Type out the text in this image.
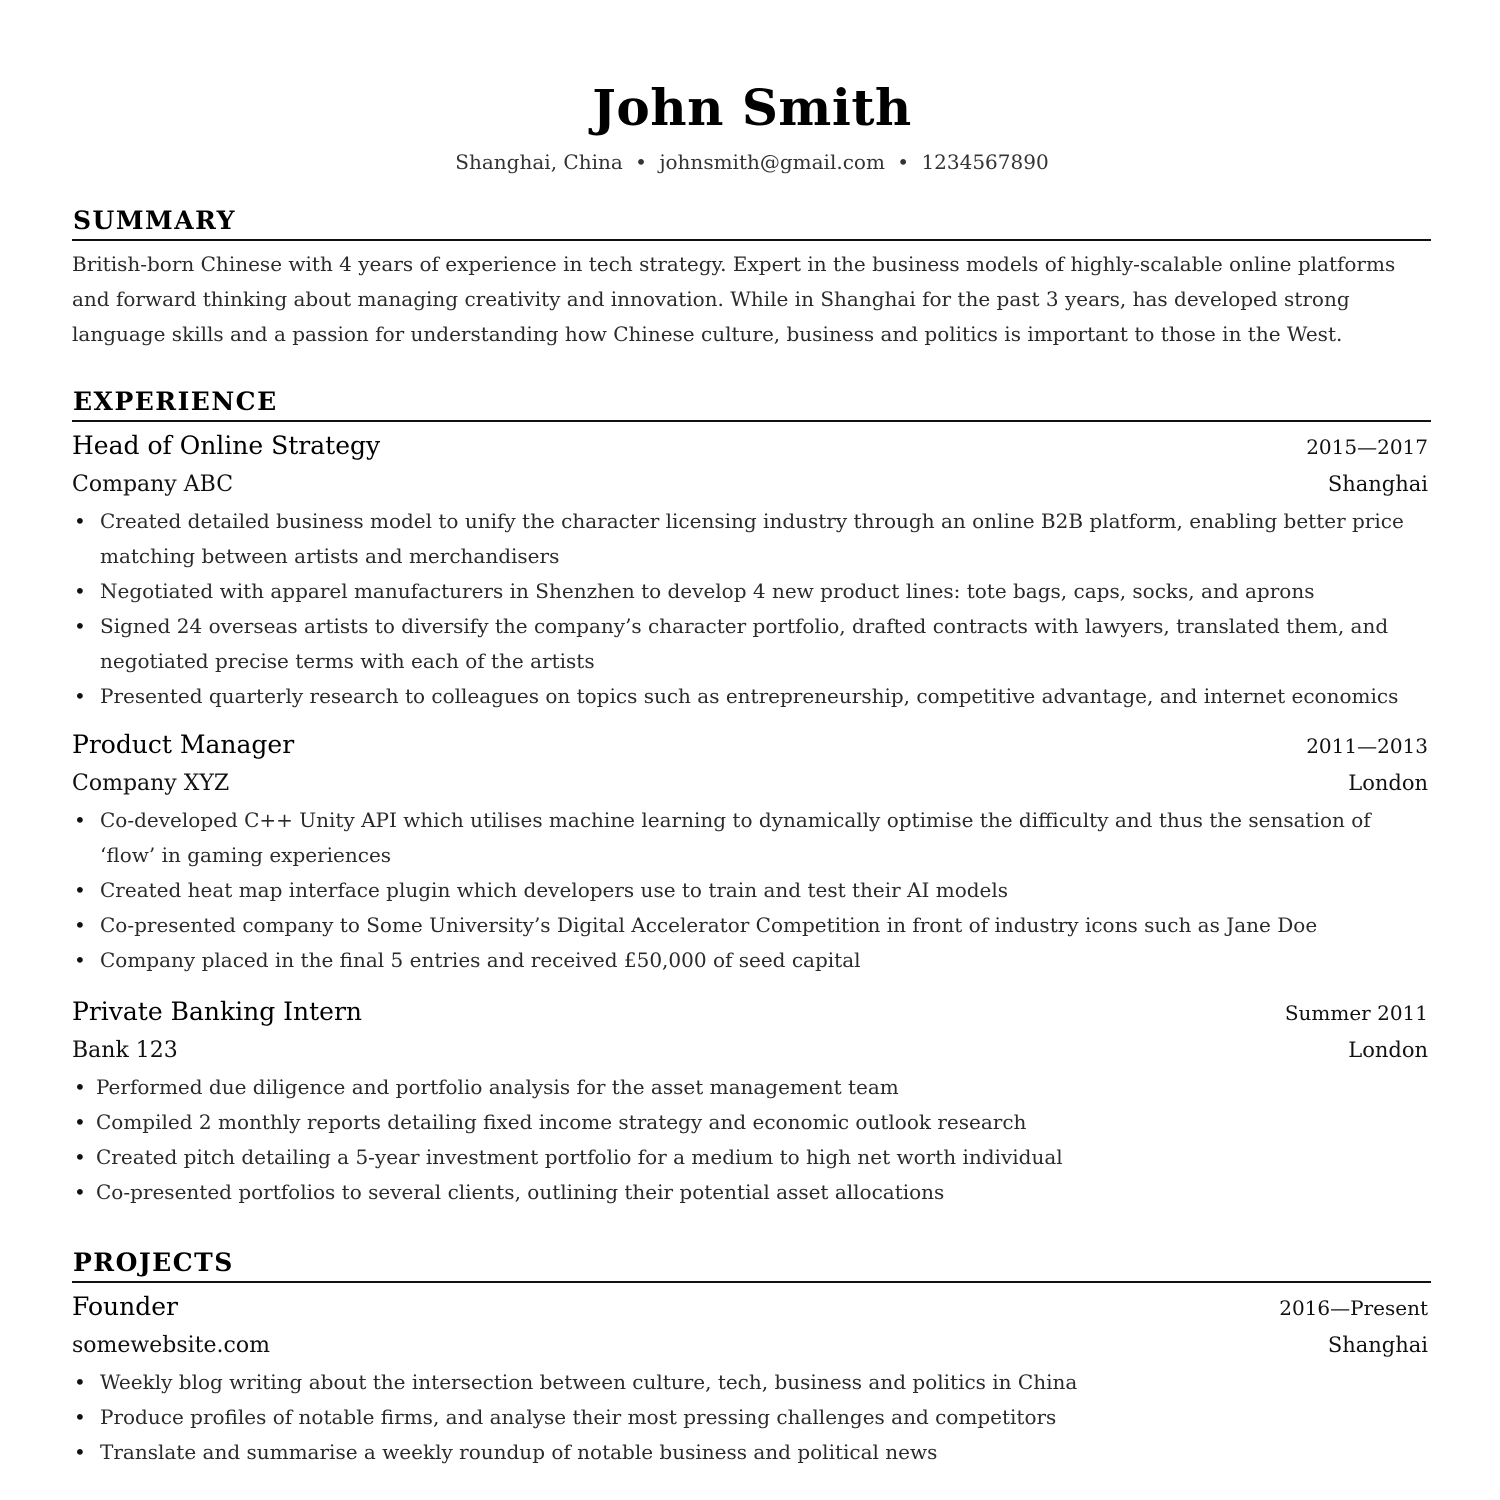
John Smith
Shanghai, China • johnsmith@gmail.com • 1234567890
SUMMARY
British-born Chinese with 4 years of experience in tech strategy. Expert in the business models of highly-scalable online platforms and forward thinking about managing creativity and innovation. While in Shanghai for the past 3 years, has developed strong language skills and a passion for understanding how Chinese culture, business and politics is important to those in the West.
EXPERIENCE
Head of Online Strategy	2015—2017
Company ABC	Shanghai
• Created detailed business model to unify the character licensing industry through an online B2B platform, enabling better price matching between artists and merchandisers
• Negotiated with apparel manufacturers in Shenzhen to develop 4 new product lines: tote bags, caps, socks, and aprons
• Signed 24 overseas artists to diversify the company’s character portfolio, drafted contracts with lawyers, translated them, and negotiated precise terms with each of the artists
• Presented quarterly research to colleagues on topics such as entrepreneurship, competitive advantage, and internet economics
Product Manager	2011—2013
Company XYZ	London
• Co-developed C++ Unity API which utilises machine learning to dynamically optimise the difficulty and thus the sensation of ‘flow’ in gaming experiences
• Created heat map interface plugin which developers use to train and test their AI models
• Co-presented company to Some University’s Digital Accelerator Competition in front of industry icons such as Jane Doe
• Company placed in the final 5 entries and received £50,000 of seed capital
Private Banking Intern	Summer 2011
Bank 123	London
• Performed due diligence and portfolio analysis for the asset management team
• Compiled 2 monthly reports detailing fixed income strategy and economic outlook research
• Created pitch detailing a 5-year investment portfolio for a medium to high net worth individual
• Co-presented portfolios to several clients, outlining their potential asset allocations
PROJECTS
Founder	2016—Present
somewebsite.com	Shanghai
• Weekly blog writing about the intersection between culture, tech, business and politics in China
• Produce profiles of notable firms, and analyse their most pressing challenges and competitors
• Translate and summarise a weekly roundup of notable business and political news
